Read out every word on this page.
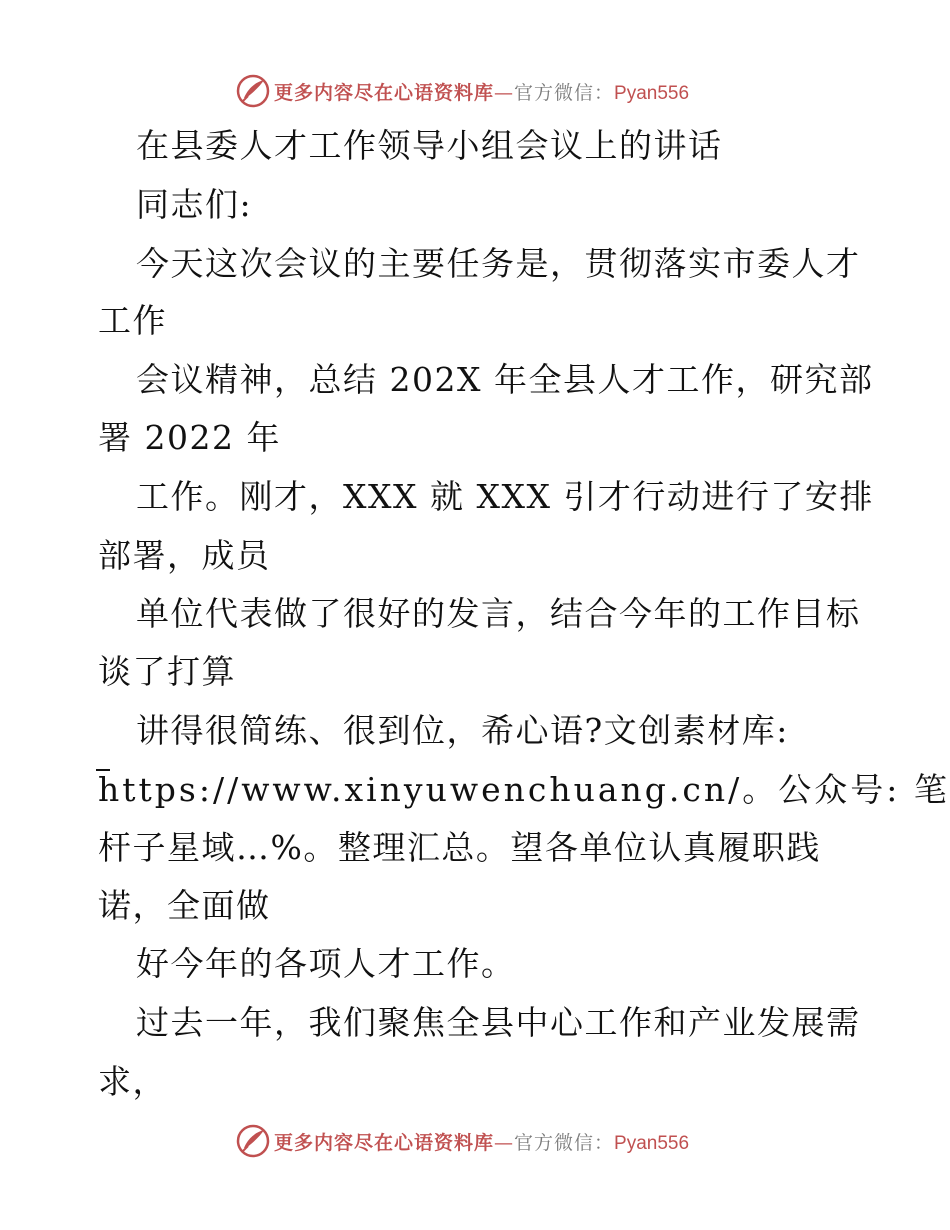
更多内容尽在心语资料库—官方微信：Pyan556
在县委人才工作领导小组会议上的讲话
同志们:
今天这次会议的主要任务是，贯彻落实市委人才
工作
会议精神，总结 202X 年全县人才工作，研究部
署 2022 年
工作。刚才，XXX 就 XXX 引才行动进行了安排
部署，成员
单位代表做了很好的发言，结合今年的工作目标
谈了打算
讲得很简练、很到位，希心语?文创素材库:
https://www.xinyuwenchuang.cn/。公众号: 笔
杆子星域…%。整理汇总。望各单位认真履职践
诺，全面做
好今年的各项人才工作。
过去一年，我们聚焦全县中心工作和产业发展需
求，
更多内容尽在心语资料库—官方微信：Pyan556
